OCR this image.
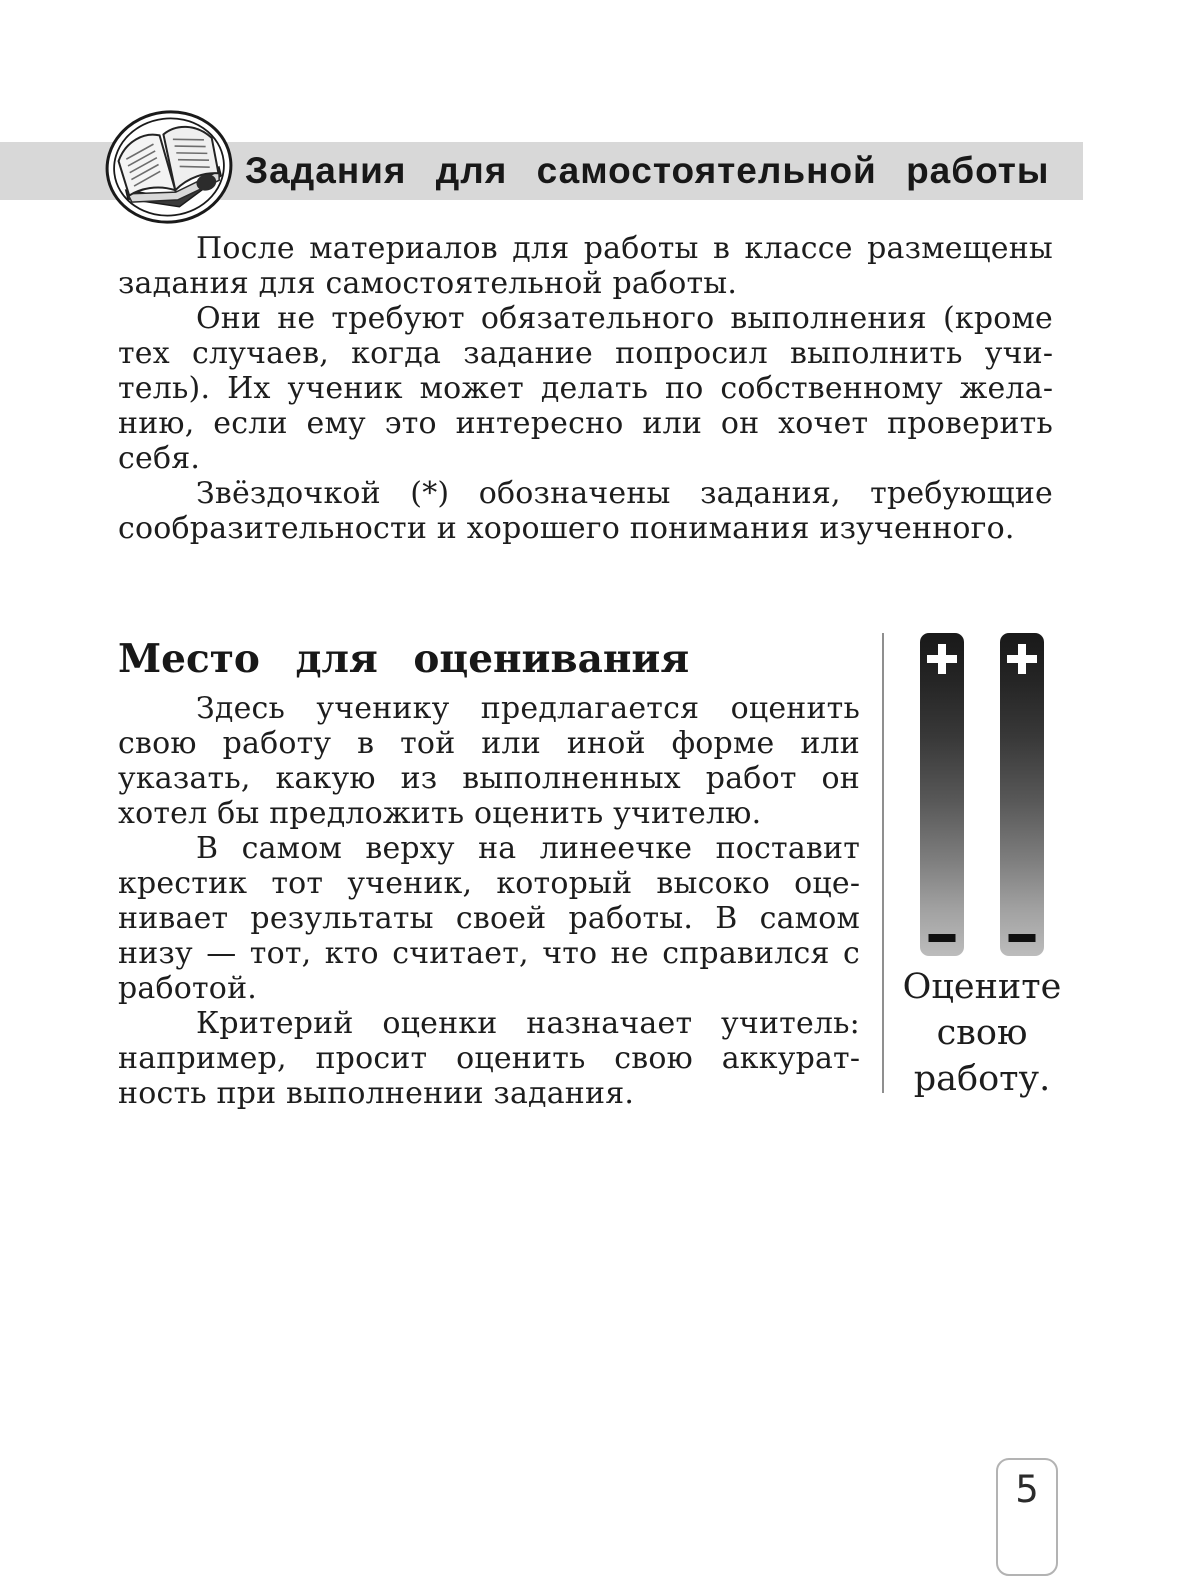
Задания для самостоятельной работы

После материалов для работы в классе размещены задания для самостоятельной работы.

Они не требуют обязательного выполнения (кроме тех случаев, когда задание попросил выполнить учитель). Их ученик может делать по собственному желанию, если ему это интересно или он хочет проверить себя.

Звёздочкой (*) обозначены задания, требующие сообразительности и хорошего понимания изученного.

Место для оценивания

Здесь ученику предлагается оценить свою работу в той или иной форме или указать, какую из выполненных работ он хотел бы предложить оценить учителю.

В самом верху на линеечке поставит крестик тот ученик, который высоко оценивает результаты своей работы. В самом низу — тот, кто считает, что не справился с работой.

Критерий оценки назначает учитель: например, просит оценить свою аккуратность при выполнении задания.

Оцените свою работу.
5
